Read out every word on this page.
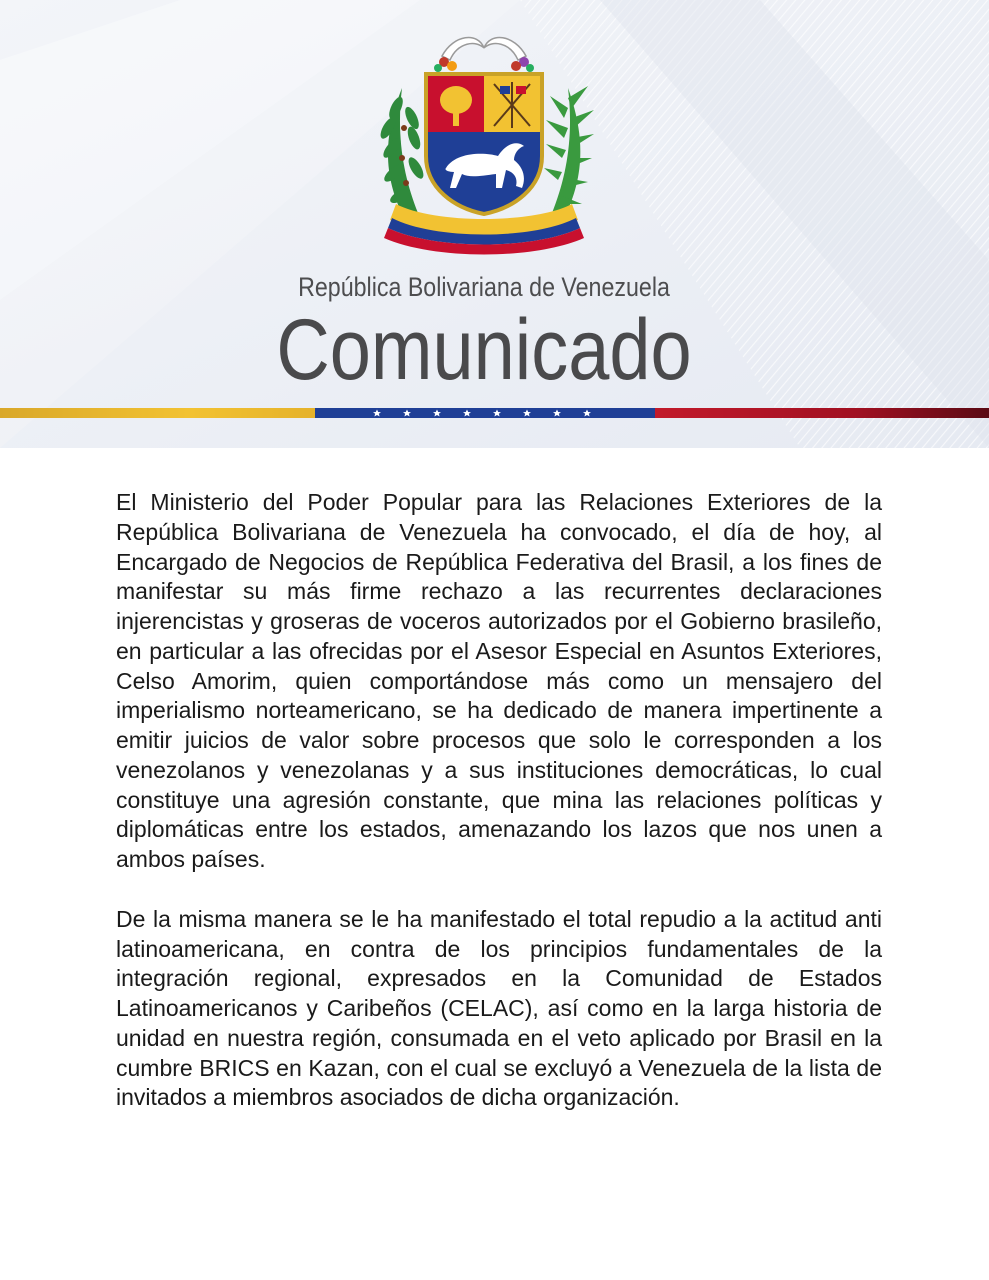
República Bolivariana de Venezuela
Comunicado

El Ministerio del Poder Popular para las Relaciones Exteriores de la República Bolivariana de Venezuela ha convocado, el día de hoy, al Encargado de Negocios de República Federativa del Brasil, a los fines de manifestar su más firme rechazo a las recurrentes declaraciones injerencistas y groseras de voceros autorizados por el Gobierno brasileño, en particular a las ofrecidas por el Asesor Especial en Asuntos Exteriores, Celso Amorim, quien comportándose más como un mensajero del imperialismo norteamericano, se ha dedicado de manera impertinente a emitir juicios de valor sobre procesos que solo le corresponden a los venezolanos y venezolanas y a sus instituciones democráticas, lo cual constituye una agresión constante, que mina las relaciones políticas y diplomáticas entre los estados, amenazando los lazos que nos unen a ambos países.

De la misma manera se le ha manifestado el total repudio a la actitud anti latinoamericana, en contra de los principios fundamentales de la integración regional, expresados en la Comunidad de Estados Latinoamericanos y Caribeños (CELAC), así como en la larga historia de unidad en nuestra región, consumada en el veto aplicado por Brasil en la cumbre BRICS en Kazan, con el cual se excluyó a Venezuela de la lista de invitados a miembros asociados de dicha organización.
